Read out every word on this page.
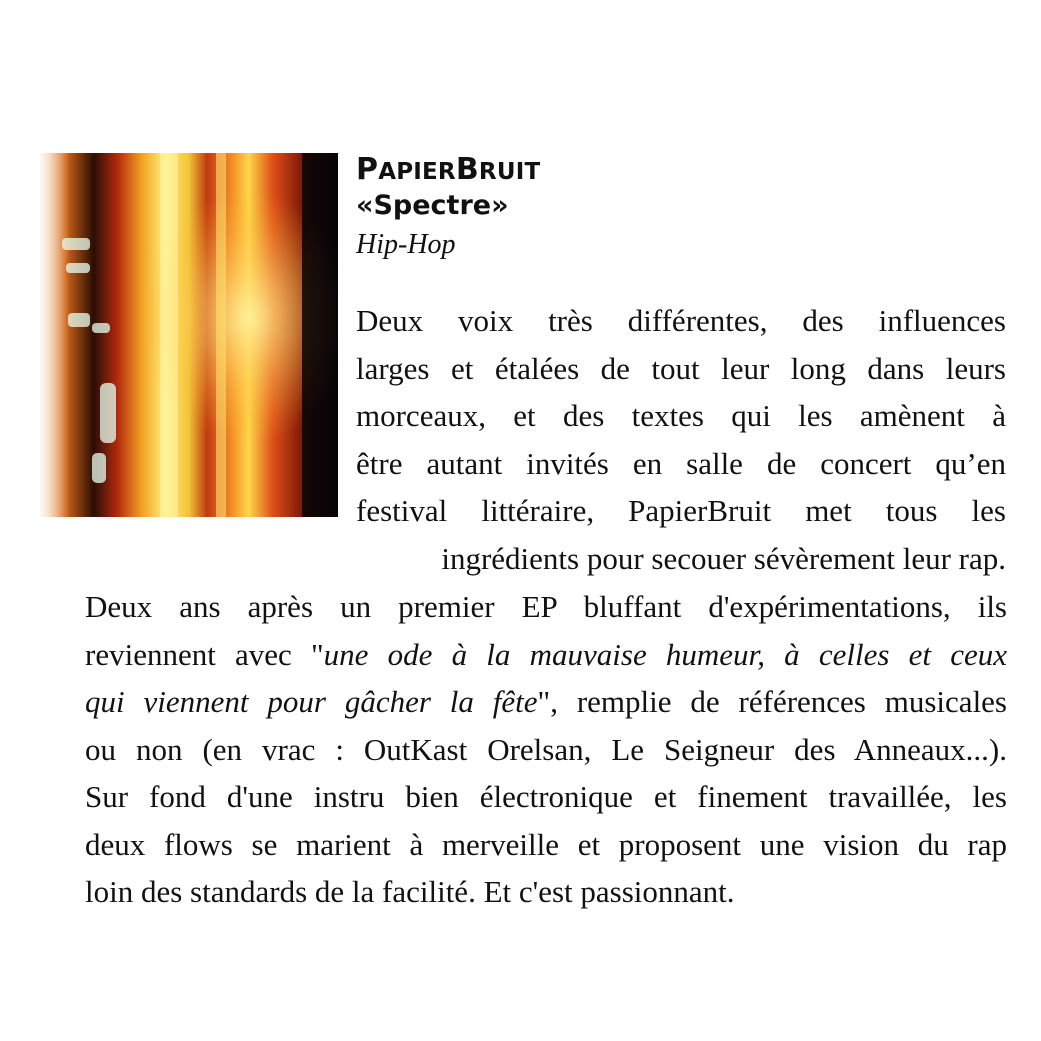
PAPIERBRUIT
«Spectre»

Hip-Hop

Deux voix très différentes, des influences
larges et étalées de tout leur long dans leurs
morceaux, et des textes qui les amènent à
être autant invités en salle de concert qu’en
festival littéraire, PapierBruit met tous les
ingrédients pour secouer sévèrement leur rap.

Deux ans après un premier EP bluffant d'expérimentations, ils
reviennent avec "une ode à la mauvaise humeur, à celles et ceux
qui viennent pour gâcher la fête", remplie de références musicales
ou non (en vrac : OutKast Orelsan, Le Seigneur des Anneaux...).
Sur fond d'une instru bien électronique et finement travaillée, les
deux flows se marient à merveille et proposent une vision du rap
loin des standards de la facilité. Et c'est passionnant.
